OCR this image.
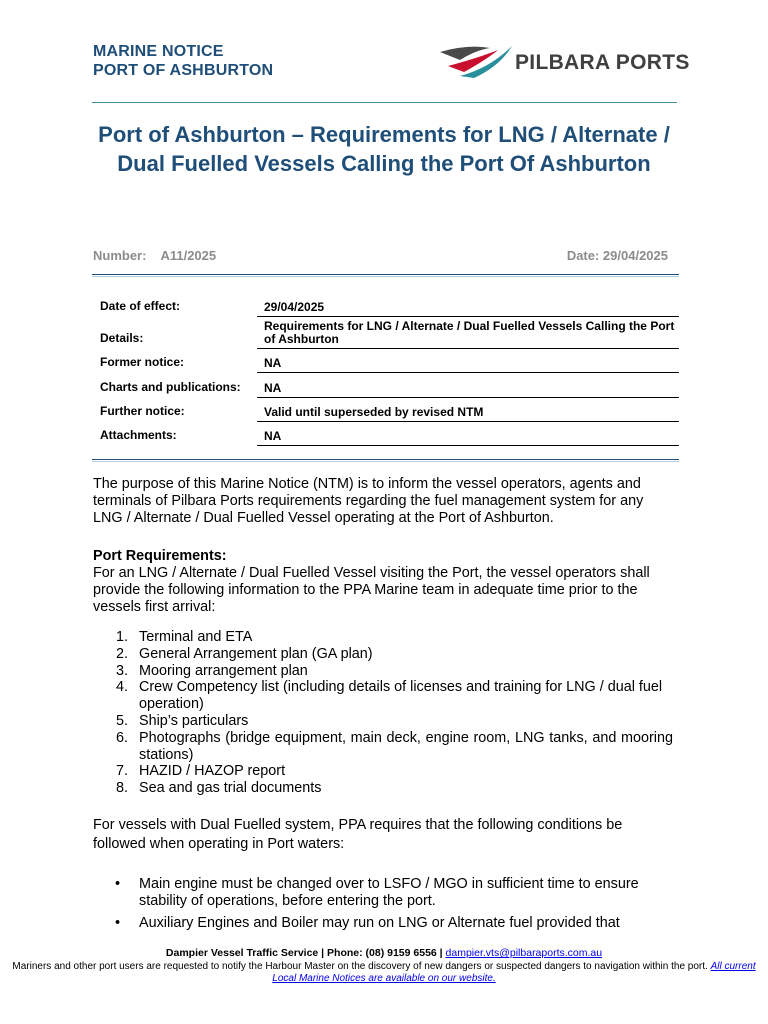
MARINE NOTICE
PORT OF ASHBURTON	PILBARA PORTS
Port of Ashburton – Requirements for LNG / Alternate / Dual Fuelled Vessels Calling the Port Of Ashburton
Number: A11/2025	Date: 29/04/2025
Date of effect:	29/04/2025
Details:
Requirements for LNG / Alternate / Dual Fuelled Vessels Calling the Port of Ashburton
Former notice:	NA
Charts and publications:	NA
Further notice:	Valid until superseded by revised NTM
Attachments:	NA
The purpose of this Marine Notice (NTM) is to inform the vessel operators, agents and terminals of Pilbara Ports requirements regarding the fuel management system for any LNG / Alternate / Dual Fuelled Vessel operating at the Port of Ashburton.
Port Requirements:
For an LNG / Alternate / Dual Fuelled Vessel visiting the Port, the vessel operators shall provide the following information to the PPA Marine team in adequate time prior to the vessels first arrival:
1. Terminal and ETA
2. General Arrangement plan (GA plan)
3. Mooring arrangement plan
4. Crew Competency list (including details of licenses and training for LNG / dual fuel operation)
5. Ship’s particulars
6. Photographs (bridge equipment, main deck, engine room, LNG tanks, and mooring stations)
7. HAZID / HAZOP report
8. Sea and gas trial documents
For vessels with Dual Fuelled system, PPA requires that the following conditions be followed when operating in Port waters:
• Main engine must be changed over to LSFO / MGO in sufficient time to ensure stability of operations, before entering the port.
• Auxiliary Engines and Boiler may run on LNG or Alternate fuel provided that
Dampier Vessel Traffic Service | Phone: (08) 9159 6556 | dampier.vts@pilbaraports.com.au
Mariners and other port users are requested to notify the Harbour Master on the discovery of new dangers or suspected dangers to navigation within the port. All current Local Marine Notices are available on our website.
